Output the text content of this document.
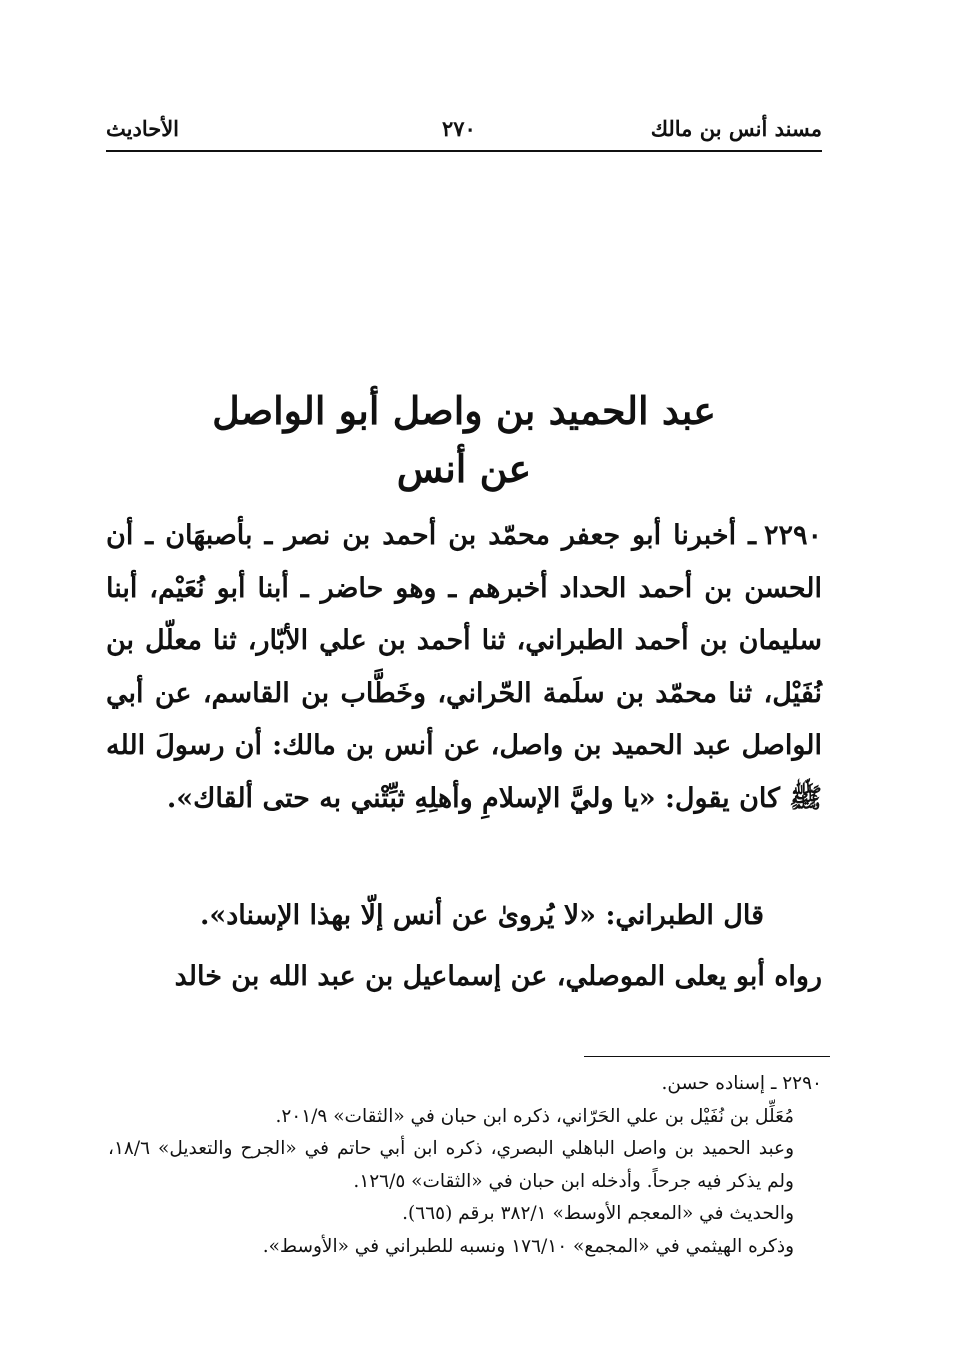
مسند أنس بن مالك
٢٧٠
الأحاديث
عبد الحميد بن واصل أبو الواصل
عن أنس
٢٢٩٠ـ أخبرنا أبو جعفر محمّد بن أحمد بن نصر ـ بأصبهَان ـ أن الحسن بن أحمد الحداد أخبرهم ـ وهو حاضر ـ أبنا أبو نُعَيْم، أبنا سليمان بن أحمد الطبراني، ثنا أحمد بن علي الأبّار، ثنا معلّل بن نُفَيْل، ثنا محمّد بن سلَمة الحّراني، وخَطَّاب بن القاسم، عن أبي الواصل عبد الحميد بن واصل، عن أنس بن مالك: أن رسولَ الله ﷺ كان يقول: «يا وليَّ الإسلامِ وأهلِهِ ثبِّتْني به حتى ألقاك».
قال الطبراني: «لا يُروىٰ عن أنس إلّا بهذا الإسناد».
رواه أبو يعلى الموصلي، عن إسماعيل بن عبد الله بن خالد
٢٢٩٠ ـ إسناده حسن.
مُعَلِّل بن نُفَيْل بن علي الحَرّاني، ذكره ابن حبان في «الثقات» ٢٠١/٩.
وعبد الحميد بن واصل الباهلي البصري، ذكره ابن أبي حاتم في «الجرح والتعديل» ١٨/٦، ولم يذكر فيه جرحاً. وأدخله ابن حبان في «الثقات» ١٢٦/٥.
والحديث في «المعجم الأوسط» ٣٨٢/١ برقم (٦٦٥).
وذكره الهيثمي في «المجمع» ١٧٦/١٠ ونسبه للطبراني في «الأوسط».
